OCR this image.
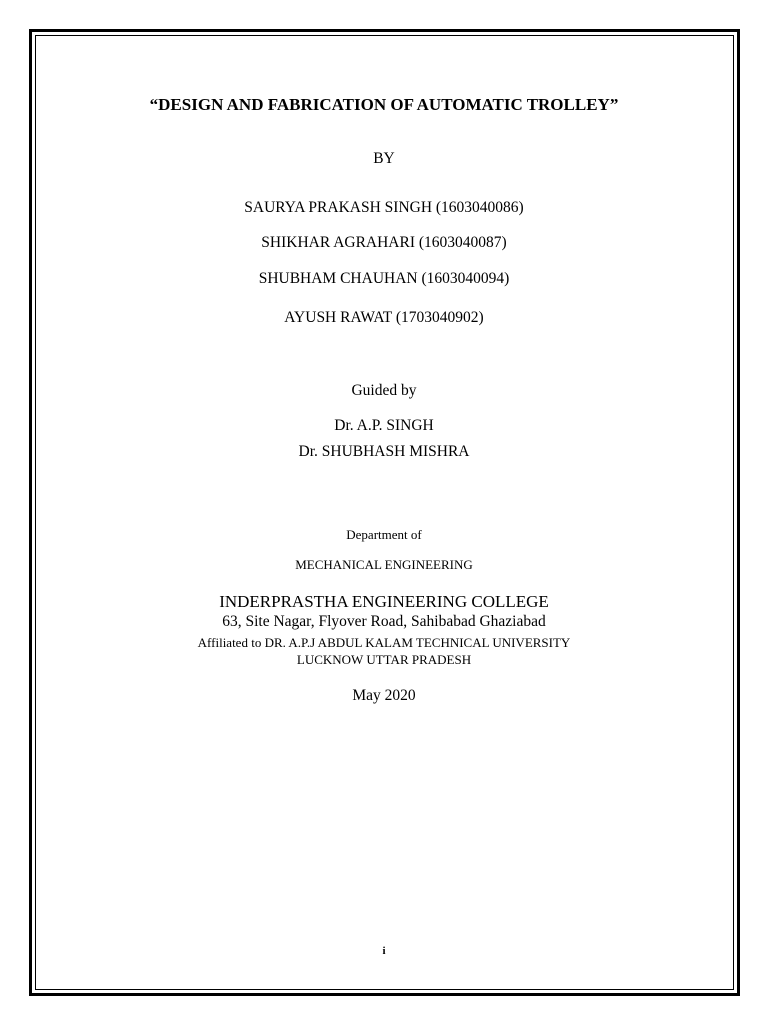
“DESIGN AND FABRICATION OF AUTOMATIC TROLLEY”
BY
SAURYA PRAKASH SINGH (1603040086)
SHIKHAR AGRAHARI (1603040087)
SHUBHAM CHAUHAN (1603040094)
AYUSH RAWAT (1703040902)
Guided by
Dr. A.P. SINGH
Dr. SHUBHASH MISHRA
Department of
MECHANICAL ENGINEERING
INDERPRASTHA ENGINEERING COLLEGE
63, Site Nagar, Flyover Road, Sahibabad Ghaziabad
Affiliated to DR. A.P.J ABDUL KALAM TECHNICAL UNIVERSITY
LUCKNOW UTTAR PRADESH
May 2020
i
